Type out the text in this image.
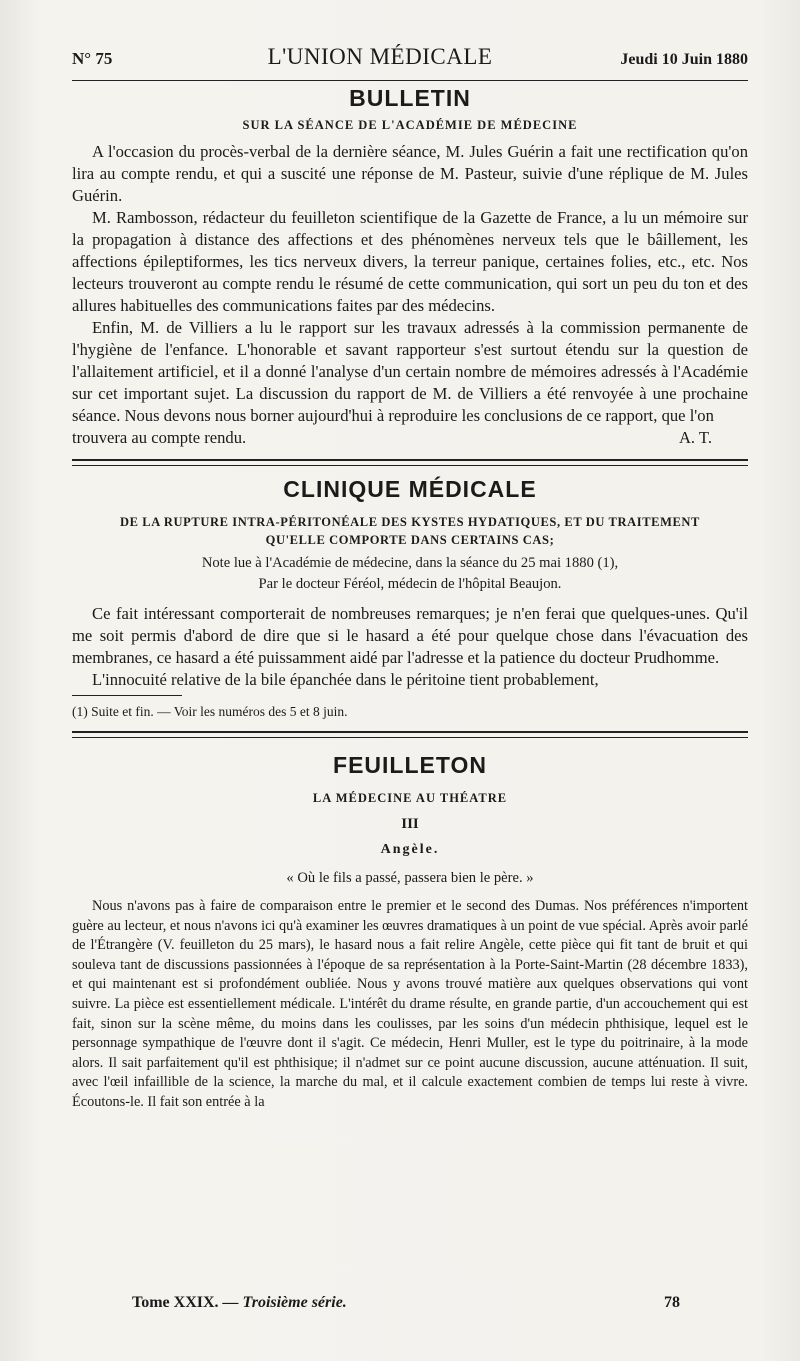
N° 75	L'UNION MÉDICALE	Jeudi 10 Juin 1880
BULLETIN
SUR LA SÉANCE DE L'ACADÉMIE DE MÉDECINE

A l'occasion du procès-verbal de la dernière séance, M. Jules Guérin a fait une rectification qu'on lira au compte rendu, et qui a suscité une réponse de M. Pasteur, suivie d'une réplique de M. Jules Guérin.

M. Rambosson, rédacteur du feuilleton scientifique de la Gazette de France, a lu un mémoire sur la propagation à distance des affections et des phénomènes nerveux tels que le bâillement, les affections épileptiformes, les tics nerveux divers, la terreur panique, certaines folies, etc., etc. Nos lecteurs trouveront au compte rendu le résumé de cette communication, qui sort un peu du ton et des allures habituelles des communications faites par des médecins.

Enfin, M. de Villiers a lu le rapport sur les travaux adressés à la commission permanente de l'hygiène de l'enfance. L'honorable et savant rapporteur s'est surtout étendu sur la question de l'allaitement artificiel, et il a donné l'analyse d'un certain nombre de mémoires adressés à l'Académie sur cet important sujet. La discussion du rapport de M. de Villiers a été renvoyée à une prochaine séance. Nous devons nous borner aujourd'hui à reproduire les conclusions de ce rapport, que l'on

trouvera au compte rendu.	A. T.
CLINIQUE MÉDICALE

DE LA RUPTURE INTRA-PÉRITONÉALE DES KYSTES HYDATIQUES, ET DU TRAITEMENT

QU'ELLE COMPORTE DANS CERTAINS CAS;

Note lue à l'Académie de médecine, dans la séance du 25 mai 1880 (1),

Par le docteur Féréol, médecin de l'hôpital Beaujon.

Ce fait intéressant comporterait de nombreuses remarques; je n'en ferai que quelques-unes. Qu'il me soit permis d'abord de dire que si le hasard a été pour quelque chose dans l'évacuation des membranes, ce hasard a été puissamment aidé par l'adresse et la patience du docteur Prudhomme.

L'innocuité relative de la bile épanchée dans le péritoine tient probablement,

(1) Suite et fin. — Voir les numéros des 5 et 8 juin.

FEUILLETON
LA MÉDECINE AU THÉATRE

III

Angèle.

« Où le fils a passé, passera bien le père. »

Nous n'avons pas à faire de comparaison entre le premier et le second des Dumas. Nos préférences n'importent guère au lecteur, et nous n'avons ici qu'à examiner les œuvres dramatiques à un point de vue spécial. Après avoir parlé de l'Étrangère (V. feuilleton du 25 mars), le hasard nous a fait relire Angèle, cette pièce qui fit tant de bruit et qui souleva tant de discussions passionnées à l'époque de sa représentation à la Porte-Saint-Martin (28 décembre 1833), et qui maintenant est si profondément oubliée. Nous y avons trouvé matière aux quelques observations qui vont suivre. La pièce est essentiellement médicale. L'intérêt du drame résulte, en grande partie, d'un accouchement qui est fait, sinon sur la scène même, du moins dans les coulisses, par les soins d'un médecin phthisique, lequel est le personnage sympathique de l'œuvre dont il s'agit. Ce médecin, Henri Muller, est le type du poitrinaire, à la mode alors. Il sait parfaitement qu'il est phthisique; il n'admet sur ce point aucune discussion, aucune atténuation. Il suit, avec l'œil infaillible de la science, la marche du mal, et il calcule exactement combien de temps lui reste à vivre. Écoutons-le. Il fait son entrée à la

Tome XXIX. — Troisième série.	78
